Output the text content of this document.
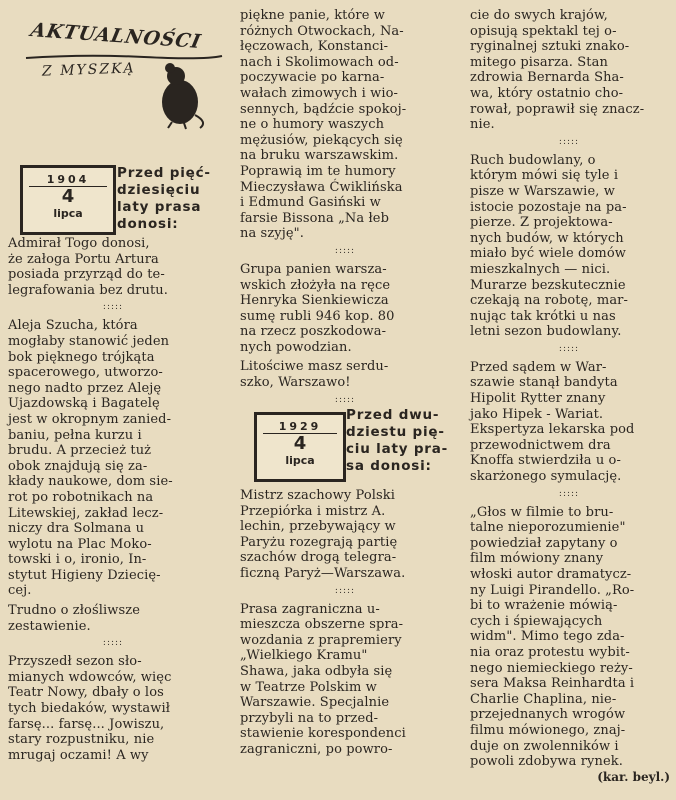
AKTUALNOŚCI
Z MYSZKĄ
1904
4
lipca
Przed pięć-
dziesięciu
laty prasa
donosi:

Admirał Togo donosi,
że załoga Portu Artura
posiada przyrząd do te-
legrafowania bez drutu.

:::::

Aleja Szucha, która
mogłaby stanowić jeden
bok pięknego trójkąta
spacerowego, utworzo-
nego nadto przez Aleję
Ujazdowską i Bagatelę
jest w okropnym zanied-
baniu, pełna kurzu i
brudu. A przecież tuż
obok znajdują się za-
kłady naukowe, dom sie-
rot po robotnikach na
Litewskiej, zakład lecz-
niczy dra Solmana u
wylotu na Plac Moko-
towski i o, ironio, In-
stytut Higieny Dziecię-
cej.

Trudno o złośliwsze
zestawienie.

:::::

Przyszedł sezon sło-
mianych wdowców, więc
Teatr Nowy, dbały o los
tych biedaków, wystawił
farsę... farsę... Jowiszu,
stary rozpustniku, nie
mrugaj oczami! A wy

piękne panie, które w
różnych Otwockach, Na-
łęczowach, Konstanci-
nach i Skolimowach od-
poczywacie po karna-
wałach zimowych i wio-
sennych, bądźcie spokoj-
ne o humory waszych
mężusiów, piekących się
na bruku warszawskim.
Poprawią im te humory
Mieczysława Ćwiklińska
i Edmund Gasiński w
farsie Bissona „Na łeb
na szyję".

:::::

Grupa panien warsza-
wskich złożyła na ręce
Henryka Sienkiewicza
sumę rubli 946 kop. 80
na rzecz poszkodowa-
nych powodzian.

Litościwe masz serdu-
szko, Warszawo!

:::::
1929
4
lipca
Przed dwu-
dziestu pię-
ciu laty pra-
sa donosi:

Mistrz szachowy Polski
Przepiórka i mistrz A.
lechin, przebywający w
Paryżu rozegrają partię
szachów drogą telegra-
ficzną Paryż—Warszawa.

:::::

Prasa zagraniczna u-
mieszcza obszerne spra-
wozdania z prapremiery
„Wielkiego Kramu"
Shawa, jaka odbyła się
w Teatrze Polskim w
Warszawie. Specjalnie
przybyli na to przed-
stawienie korespondenci
zagraniczni, po powro-

cie do swych krajów,
opisują spektakl tej o-
ryginalnej sztuki znako-
mitego pisarza. Stan
zdrowia Bernarda Sha-
wa, który ostatnio cho-
rował, poprawił się znacz-
nie.

:::::

Ruch budowlany, o
którym mówi się tyle i
pisze w Warszawie, w
istocie pozostaje na pa-
pierze. Z projektowa-
nych budów, w których
miało być wiele domów
mieszkalnych — nici.
Murarze bezskutecznie
czekają na robotę, mar-
nując tak krótki u nas
letni sezon budowlany.

:::::

Przed sądem w War-
szawie stanął bandyta
Hipolit Rytter znany
jako Hipek - Wariat.
Ekspertyza lekarska pod
przewodnictwem dra
Knoffa stwierdziła u o-
skarżonego symulację.

:::::

„Głos w filmie to bru-
talne nieporozumienie"
powiedział zapytany o
film mówiony znany
włoski autor dramatycz-
ny Luigi Pirandello. „Ro-
bi to wrażenie mówią-
cych i śpiewających
widm". Mimo tego zda-
nia oraz protestu wybit-
nego niemieckiego reży-
sera Maksa Reinhardta i
Charlie Chaplina, nie-
przejednanych wrogów
filmu mówionego, znaj-
duje on zwolenników i
powoli zdobywa rynek.

(kar. beyl.)
